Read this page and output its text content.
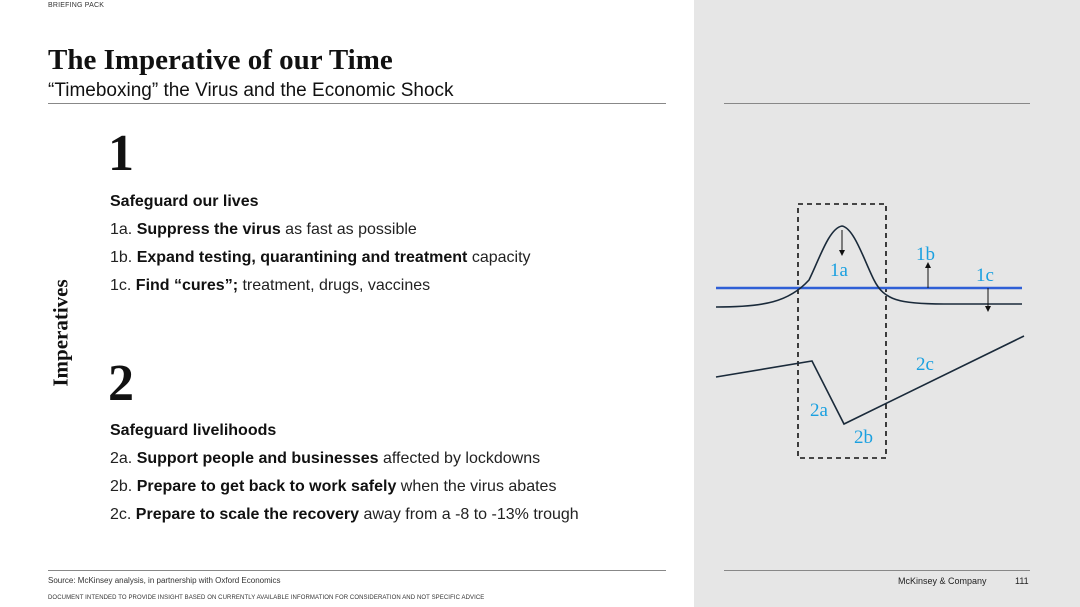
BRIEFING PACK
The Imperative of our Time
“Timeboxing” the Virus and the Economic Shock
Imperatives
1
Safeguard our lives
1a. Suppress the virus as fast as possible
1b. Expand testing, quarantining and treatment capacity
1c. Find “cures”; treatment, drugs, vaccines
2
Safeguard livelihoods
2a. Support people and businesses affected by lockdowns
2b. Prepare to get back to work safely when the virus abates
2c. Prepare to scale the recovery away from a -8 to -13% trough
1a
1b
1c
2a
2b
2c
Source: McKinsey analysis, in partnership with Oxford Economics
DOCUMENT INTENDED TO PROVIDE INSIGHT BASED ON CURRENTLY AVAILABLE INFORMATION FOR CONSIDERATION AND NOT SPECIFIC ADVICE
McKinsey & Company	111
